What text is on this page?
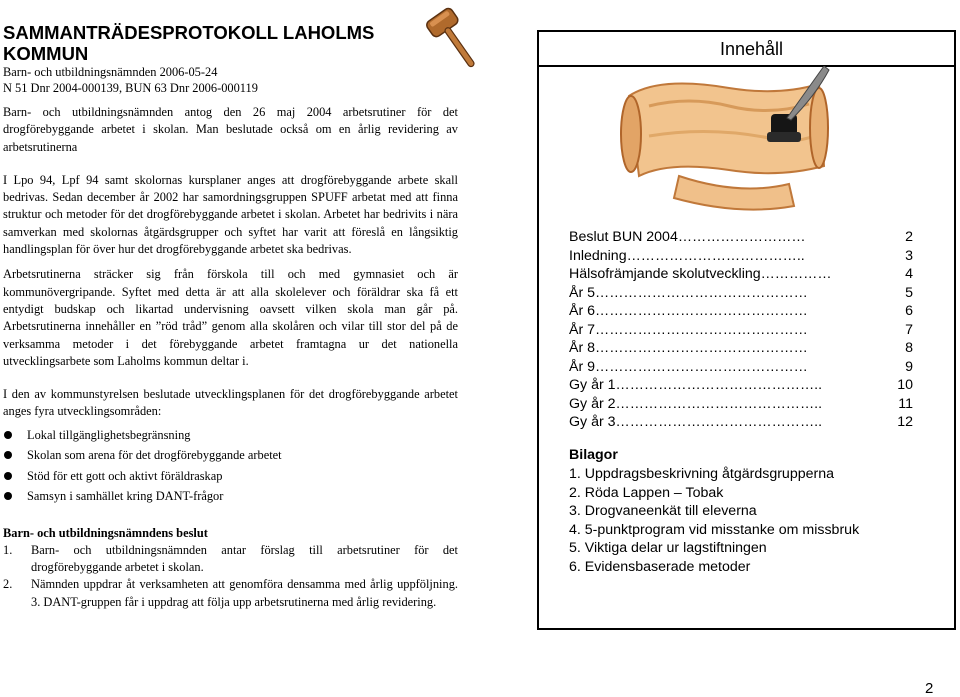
SAMMANTRÄDESPROTOKOLL LAHOLMS KOMMUN
Barn- och utbildningsnämnden 2006-05-24
N 51 Dnr 2004-000139, BUN 63 Dnr 2006-000119

Barn- och utbildningsnämnden antog den 26 maj 2004 arbetsrutiner för det drogförebyggande arbetet i skolan. Man beslutade också om en årlig revidering av arbetsrutinerna

I Lpo 94, Lpf 94 samt skolornas kursplaner anges att drogförebyggande arbete skall bedrivas. Sedan december år 2002 har samordningsgruppen SPUFF arbetat med att finna struktur och metoder för det drogförebyggande arbetet i skolan. Arbetet har bedrivits i nära samverkan med skolornas åtgärdsgrupper och syftet har varit att föreslå en långsiktig handlingsplan för över hur det drogförebyggande arbetet ska bedrivas.

Arbetsrutinerna sträcker sig från förskola till och med gymnasiet och är kommunövergripande. Syftet med detta är att alla skolelever och föräldrar ska få ett entydigt budskap och likartad undervisning oavsett vilken skola man går på. Arbetsrutinerna innehåller en ”röd tråd” genom alla skolåren och vilar till stor del på de verksamma metoder i det förebyggande arbetet framtagna ur det nationella utvecklingsarbete som Laholms kommun deltar i.

I den av kommunstyrelsen beslutade utvecklingsplanen för det drogförebyggande arbetet anges fyra utvecklingsområden:

Lokal tillgänglighetsbegränsning
Skolan som arena för det drogförebyggande arbetet
Stöd för ett gott och aktivt föräldraskap
Samsyn i samhället kring DANT-frågor
Barn- och utbildningsnämndens beslut
1. Barn- och utbildningsnämnden antar förslag till arbetsrutiner för det drogförebyggande arbetet i skolan.
2. Nämnden uppdrar åt verksamheten att genomföra densamma med årlig uppföljning. 3. DANT-gruppen får i uppdrag att följa upp arbetsrutinerna med årlig revidering.
Innehåll
Beslut BUN 2004………………………	2
Inledning………………………………..	3
Hälsofrämjande skolutveckling……………	4
År 5………………………………………	5
År 6………………………………………	6
År 7………………………………………	7
År 8………………………………………	8
År 9………………………………………	9
Gy år 1……………………………………..	10
Gy år 2……………………………………..	11
Gy år 3……………………………………..	12
Bilagor
1. Uppdragsbeskrivning åtgärdsgrupperna
2. Röda Lappen – Tobak
3. Drogvaneenkät till eleverna
4. 5-punktprogram vid misstanke om missbruk
5. Viktiga delar ur lagstiftningen
6. Evidensbaserade metoder
2
